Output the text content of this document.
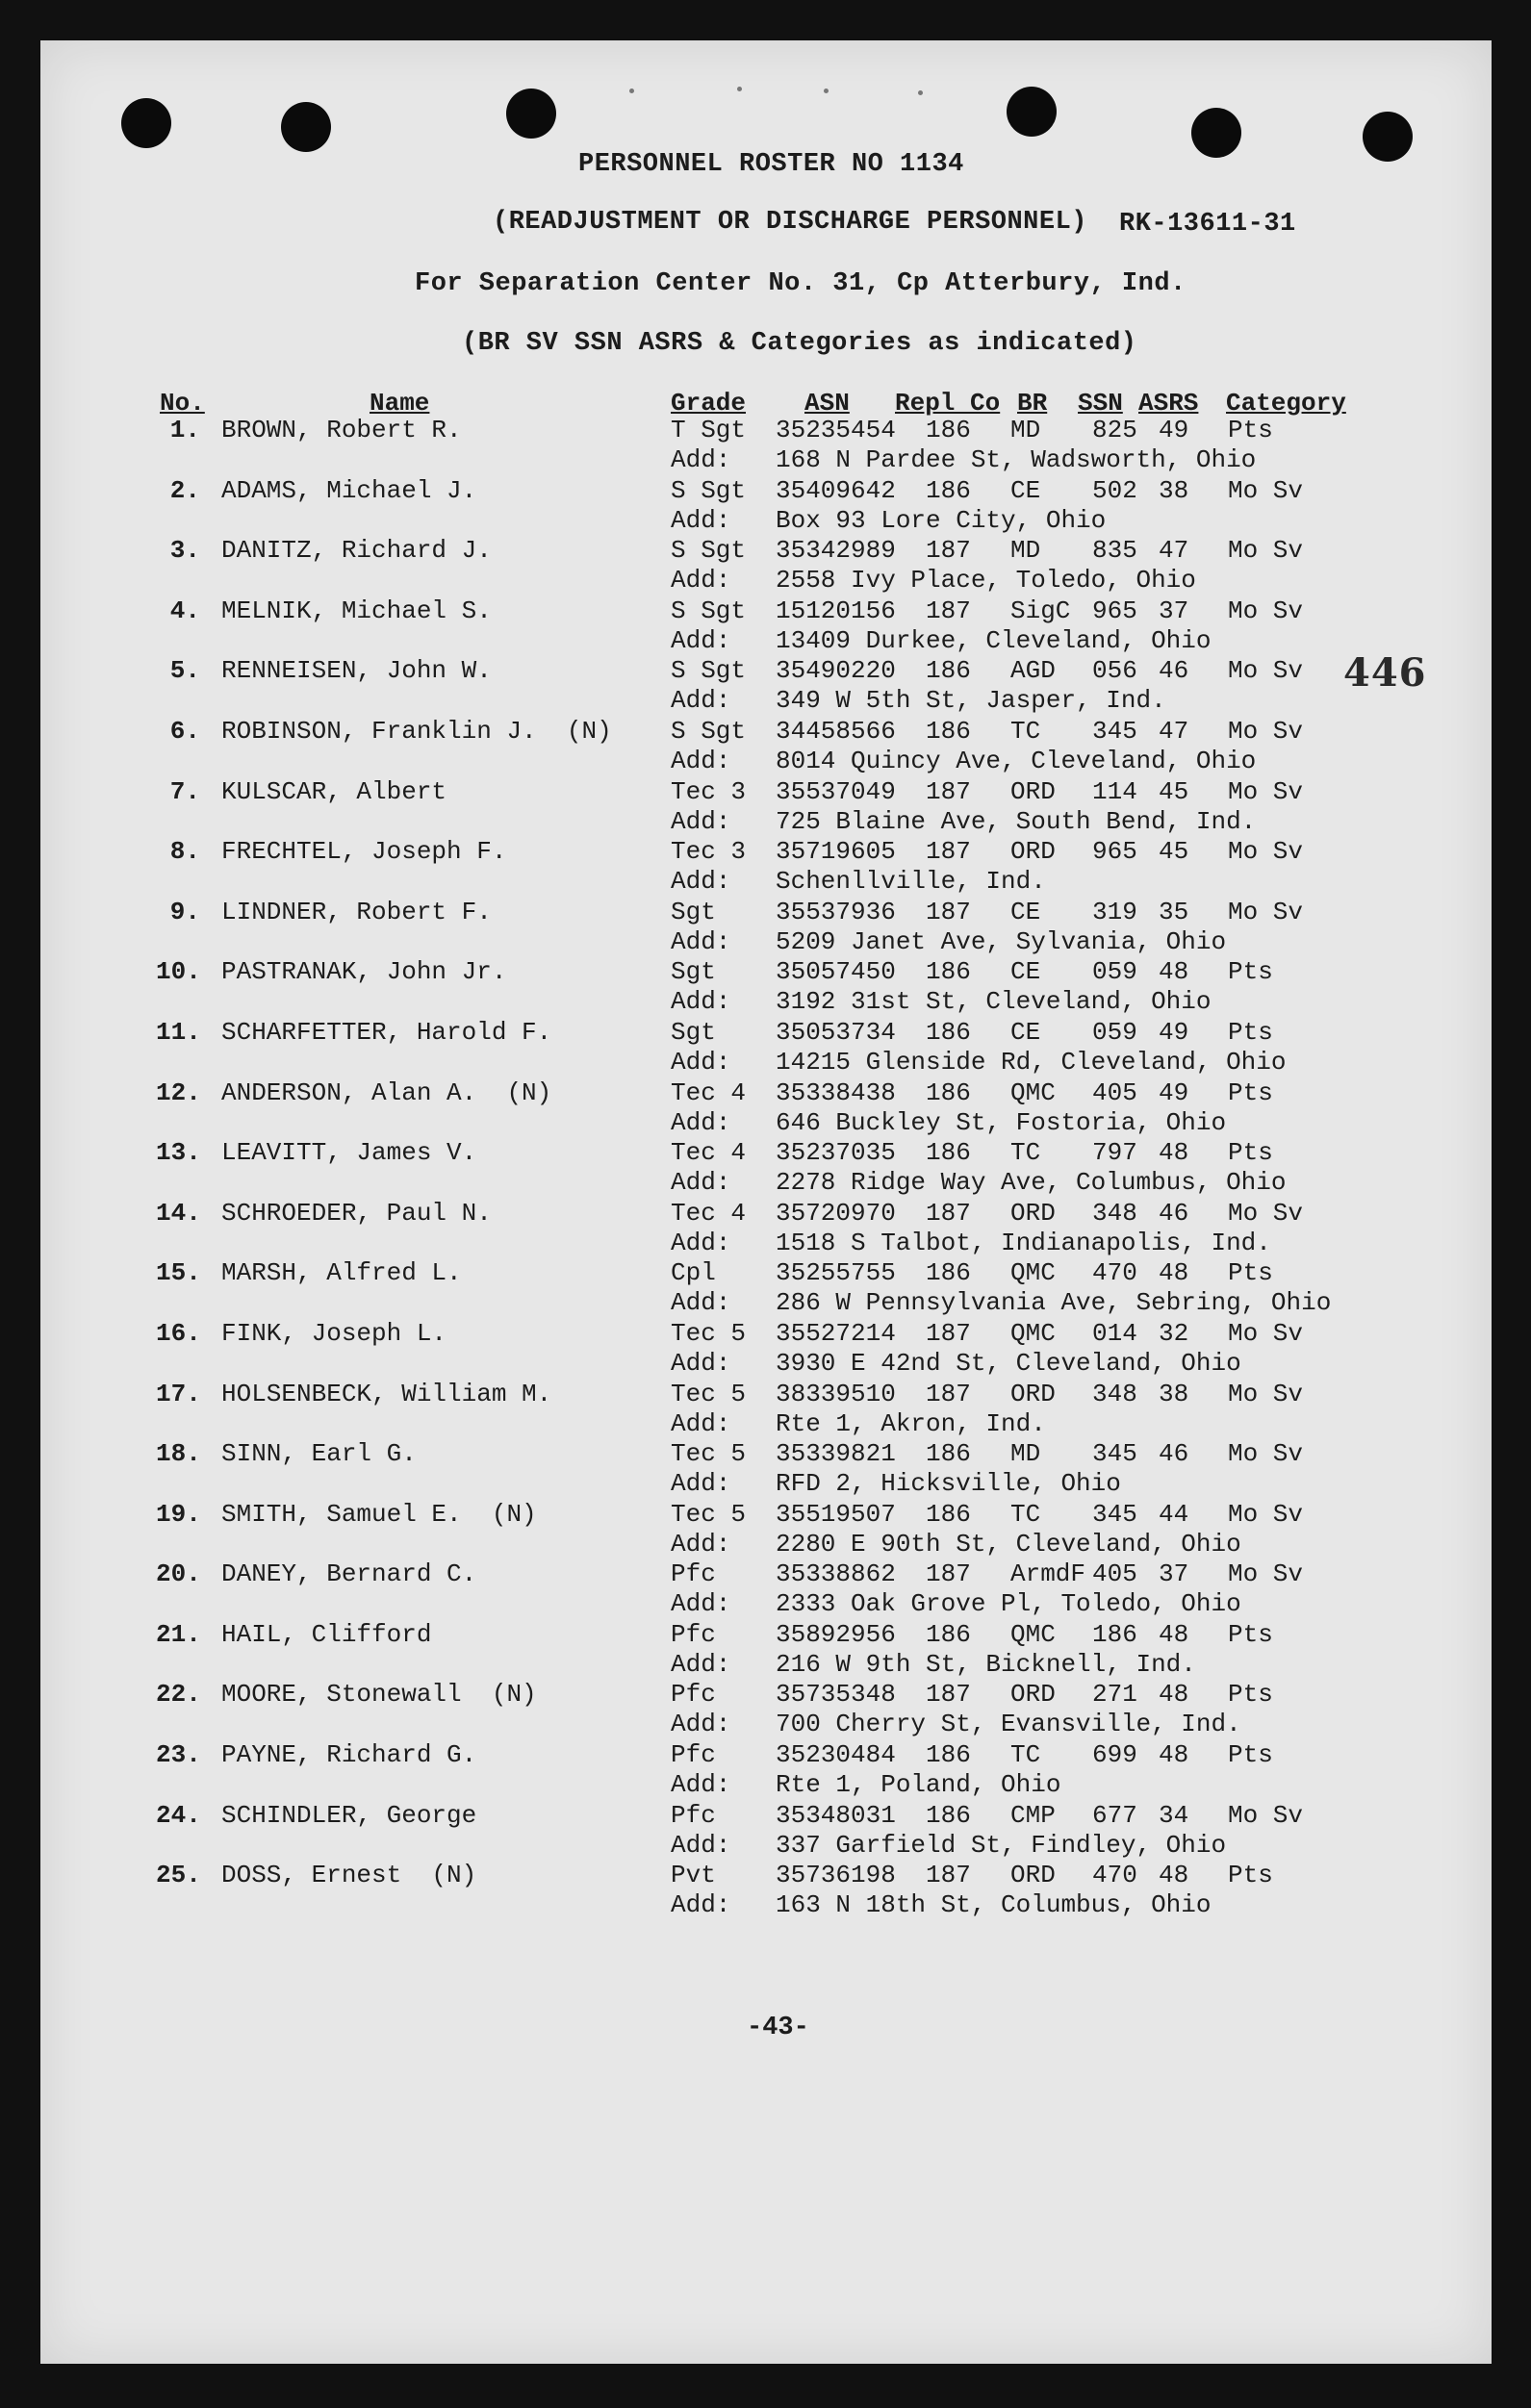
PERSONNEL ROSTER NO 1134
(READJUSTMENT OR DISCHARGE PERSONNEL) RK-13611-31
For Separation Center No. 31, Cp Atterbury, Ind.
(BR SV SSN ASRS & Categories as indicated)
No.	Name	Grade ASN Repl Co BR SSN ASRS Category
1. BROWN, Robert R.	T Sgt 35235454 186 MD 825 49 Pts
Add: 168 N Pardee St, Wadsworth, Ohio
2. ADAMS, Michael J.	S Sgt 35409642 186 CE 502 38 Mo Sv
Add: Box 93 Lore City, Ohio
3. DANITZ, Richard J.	S Sgt 35342989 187 MD 835 47 Mo Sv
Add: 2558 Ivy Place, Toledo, Ohio
4. MELNIK, Michael S.	S Sgt 15120156 187 SigC 965 37 Mo Sv
Add: 13409 Durkee, Cleveland, Ohio
5. RENNEISEN, John W.	S Sgt 35490220 186 AGD 056 46 Mo Sv
Add: 349 W 5th St, Jasper, Ind.
6. ROBINSON, Franklin J.  (N) S Sgt 34458566 186 TC 345 47 Mo Sv
Add: 8014 Quincy Ave, Cleveland, Ohio
7. KULSCAR, Albert	Tec 3 35537049 187 ORD 114 45 Mo Sv
Add: 725 Blaine Ave, South Bend, Ind.
8. FRECHTEL, Joseph F.	Tec 3 35719605 187 ORD 965 45 Mo Sv
Add: Schenllville, Ind.
9. LINDNER, Robert F.	Sgt 35537936 187 CE 319 35 Mo Sv
Add: 5209 Janet Ave, Sylvania, Ohio
10. PASTRANAK, John Jr.	Sgt 35057450 186 CE 059 48 Pts
Add: 3192 31st St, Cleveland, Ohio
11. SCHARFETTER, Harold F.	Sgt 35053734 186 CE 059 49 Pts
Add: 14215 Glenside Rd, Cleveland, Ohio
12. ANDERSON, Alan A.  (N)	Tec 4 35338438 186 QMC 405 49 Pts
Add: 646 Buckley St, Fostoria, Ohio
13. LEAVITT, James V.	Tec 4 35237035 186 TC 797 48 Pts
Add: 2278 Ridge Way Ave, Columbus, Ohio
14. SCHROEDER, Paul N.	Tec 4 35720970 187 ORD 348 46 Mo Sv
Add: 1518 S Talbot, Indianapolis, Ind.
15. MARSH, Alfred L.	Cpl 35255755 186 QMC 470 48 Pts
Add: 286 W Pennsylvania Ave, Sebring, Ohio
16. FINK, Joseph L.	Tec 5 35527214 187 QMC 014 32 Mo Sv
Add: 3930 E 42nd St, Cleveland, Ohio
17. HOLSENBECK, William M.	Tec 5 38339510 187 ORD 348 38 Mo Sv
Add: Rte 1, Akron, Ind.
18. SINN, Earl G.	Tec 5 35339821 186 MD 345 46 Mo Sv
Add: RFD 2, Hicksville, Ohio
19. SMITH, Samuel E.  (N)	Tec 5 35519507 186 TC 345 44 Mo Sv
Add: 2280 E 90th St, Cleveland, Ohio
20. DANEY, Bernard C.	Pfc 35338862 187 ArmdF 405 37 Mo Sv
Add: 2333 Oak Grove Pl, Toledo, Ohio
21. HAIL, Clifford	Pfc 35892956 186 QMC 186 48 Pts
Add: 216 W 9th St, Bicknell, Ind.
22. MOORE, Stonewall  (N)	Pfc 35735348 187 ORD 271 48 Pts
Add: 700 Cherry St, Evansville, Ind.
23. PAYNE, Richard G.	Pfc 35230484 186 TC 699 48 Pts
Add: Rte 1, Poland, Ohio
24. SCHINDLER, George	Pfc 35348031 186 CMP 677 34 Mo Sv
Add: 337 Garfield St, Findley, Ohio
25. DOSS, Ernest  (N)	Pvt 35736198 187 ORD 470 48 Pts
Add: 163 N 18th St, Columbus, Ohio
446
-43-
